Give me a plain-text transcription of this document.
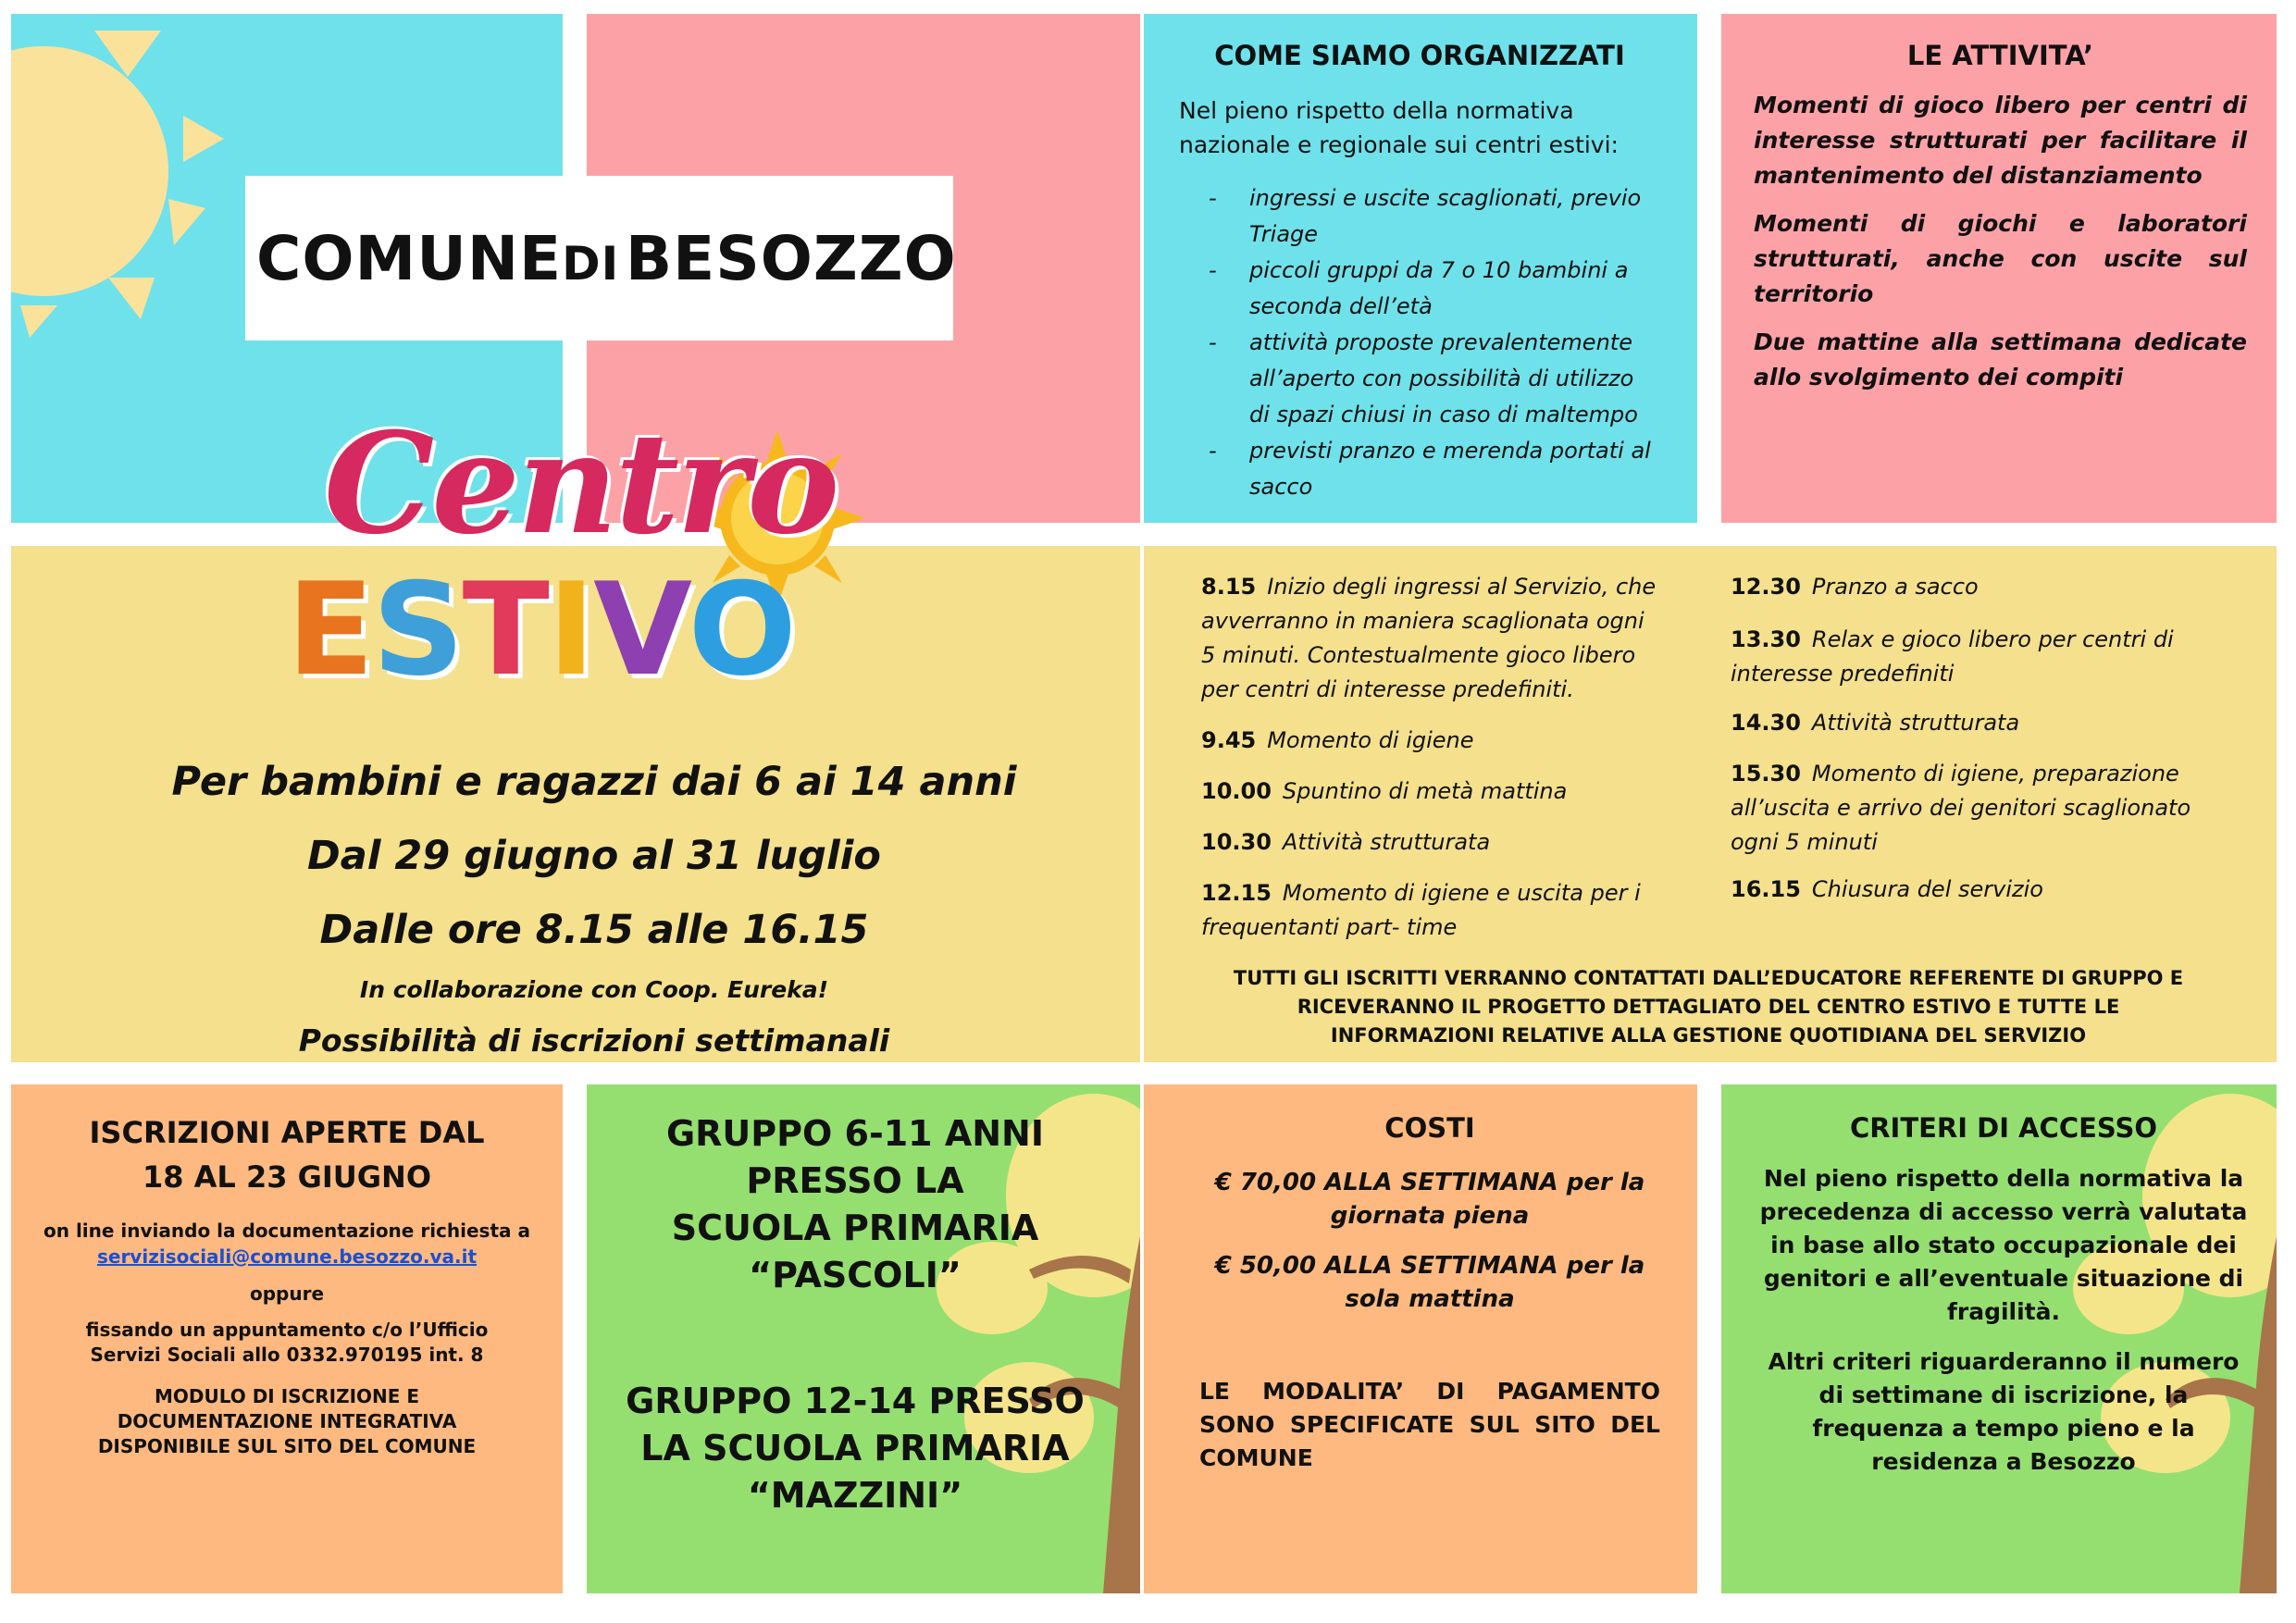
COMUNE DI BESOZZO
COME SIAMO ORGANIZZATI
Nel pieno rispetto della normativa nazionale e regionale sui centri estivi:
- ingressi e uscite scaglionati, previo Triage
- piccoli gruppi da 7 o 10 bambini a seconda dell’età
- attività proposte prevalentemente all’aperto con possibilità di utilizzo di spazi chiusi in caso di maltempo
- previsti pranzo e merenda portati al sacco
LE ATTIVITA’
Momenti di gioco libero per centri di interesse strutturati per facilitare il mantenimento del distanziamento
Momenti di giochi e laboratori strutturati, anche con uscite sul territorio
Due mattine alla settimana dedicate allo svolgimento dei compiti
Per bambini e ragazzi dai 6 ai 14 anni
Dal 29 giugno al 31 luglio
Dalle ore 8.15 alle 16.15
In collaborazione con Coop. Eureka!
Possibilità di iscrizioni settimanali
Centro
ESTIVO	8.15 Inizio degli ingressi al Servizio, che avverranno in maniera scaglionata ogni 5 minuti. Contestualmente gioco libero per centri di interesse predefiniti.
9.45 Momento di igiene
10.00 Spuntino di metà mattina
10.30 Attività strutturata
12.15 Momento di igiene e uscita per i frequentanti part- time
12.30 Pranzo a sacco
13.30 Relax e gioco libero per centri di interesse predefiniti
14.30 Attività strutturata
15.30 Momento di igiene, preparazione all’uscita e arrivo dei genitori scaglionato ogni 5 minuti
16.15 Chiusura del servizio
TUTTI GLI ISCRITTI VERRANNO CONTATTATI DALL’EDUCATORE REFERENTE DI GRUPPO E RICEVERANNO IL PROGETTO DETTAGLIATO DEL CENTRO ESTIVO E TUTTE LE INFORMAZIONI RELATIVE ALLA GESTIONE QUOTIDIANA DEL SERVIZIO
ISCRIZIONI APERTE DAL 18 AL 23 GIUGNO
on line inviando la documentazione richiesta a
servizisociali@comune.besozzo.va.it
oppure
fissando un appuntamento c/o l’Ufficio Servizi Sociali allo 0332.970195 int. 8
MODULO DI ISCRIZIONE E DOCUMENTAZIONE INTEGRATIVA DISPONIBILE SUL SITO DEL COMUNE
GRUPPO 6-11 ANNI PRESSO LA SCUOLA PRIMARIA “PASCOLI”
GRUPPO 12-14 PRESSO LA SCUOLA PRIMARIA “MAZZINI”
COSTI
€ 70,00 ALLA SETTIMANA per la giornata piena
€ 50,00 ALLA SETTIMANA per la sola mattina
LE MODALITA’ DI PAGAMENTO SONO SPECIFICATE SUL SITO DEL COMUNE
CRITERI DI ACCESSO
Nel pieno rispetto della normativa la precedenza di accesso verrà valutata in base allo stato occupazionale dei genitori e all’eventuale situazione di fragilità.
Altri criteri riguarderanno il numero di settimane di iscrizione, la frequenza a tempo pieno e la residenza a Besozzo
